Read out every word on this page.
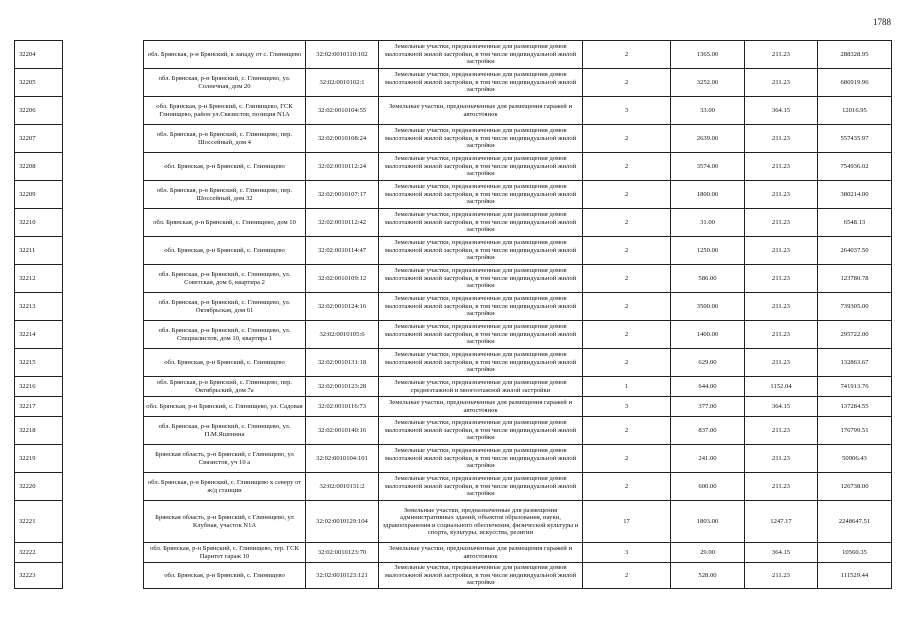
1788
32204		обл. Брянская, р-н Брянский, к западу от с. Глинищево	32:02:0010110:102	Земельные участки, предназначенные для размещения домов малоэтажной жилой застройки, в том числе индивидуальной жилой застройки	2	1365.00	211.23	288328.95
32205		обл. Брянская, р-н Брянский, с. Глинищево, ул. Солнечная, дом 20	32:02:0010102:1	Земельные участки, предназначенные для размещения домов малоэтажной жилой застройки, в том числе индивидуальной жилой застройки	2	3252.00	211.23	686919.96
32206		обл. Брянская, р-н Брянский, с. Глинищево, ГСК Глинищево, район ул.Связистов, позиция N1А	32:02:0010104:55	Земельные участки, предназначенные для размещения гаражей и автостоянок	3	33.00	364.15	12016.95
32207		обл. Брянская, р-н Брянский, с. Глинищево, пер. Шоссейный, дом 4	32:02:0010108:24	Земельные участки, предназначенные для размещения домов малоэтажной жилой застройки, в том числе индивидуальной жилой застройки	2	2639.00	211.23	557435.97
32208		обл. Брянская, р-н Брянский, с. Глинищево	32:02:0010112:24	Земельные участки, предназначенные для размещения домов малоэтажной жилой застройки, в том числе индивидуальной жилой застройки	2	3574.00	211.23	754936.02
32209		обл. Брянская, р-н Брянский, с. Глинищево, пер. Шоссейный, дом 32	32:02:0010107:17	Земельные участки, предназначенные для размещения домов малоэтажной жилой застройки, в том числе индивидуальной жилой застройки	2	1800.00	211.23	380214.00
32210		обл. Брянская, р-н Брянский, с. Глинищево, дом 10	32:02:0010112:42	Земельные участки, предназначенные для размещения домов малоэтажной жилой застройки, в том числе индивидуальной жилой застройки	2	31.00	211.23	6548.13
32211		обл. Брянская, р-н Брянский, с. Глинищево	32:02:0010114:47	Земельные участки, предназначенные для размещения домов малоэтажной жилой застройки, в том числе индивидуальной жилой застройки	2	1250.00	211.23	264037.50
32212		обл. Брянская, р-н Брянский, с. Глинищево, ул. Советская, дом 6, квартира 2	32:02:0010109:12	Земельные участки, предназначенные для размещения домов малоэтажной жилой застройки, в том числе индивидуальной жилой застройки	2	586.00	211.23	123780.78
32213		обл. Брянская, р-н Брянский, с. Глинищево, ул. Октябрьская, дом 61	32:02:0010124:16	Земельные участки, предназначенные для размещения домов малоэтажной жилой застройки, в том числе индивидуальной жилой застройки	2	3500.00	211.23	739305.00
32214		обл. Брянская, р-н Брянский, с. Глинищево, ул. Специалистов, дом 10, квартира 1	32:02:0010105:6	Земельные участки, предназначенные для размещения домов малоэтажной жилой застройки, в том числе индивидуальной жилой застройки	2	1400.00	211.23	295722.00
32215		обл. Брянская, р-н Брянский, с. Глинищево	32:02:0010131:18	Земельные участки, предназначенные для размещения домов малоэтажной жилой застройки, в том числе индивидуальной жилой застройки	2	629.00	211.23	132863.67
32216		обл. Брянская, р-н Брянский, с. Глинищево, пер. Октябрьский, дом 7а	32:02:0010123:28	Земельные участки, предназначенные для размещения домов среднеэтажной и многоэтажной жилой застройки	1	644.00	1152.04	741913.76
32217		обл. Брянская, р-н Брянский, с. Глинищево, ул. Садовая	32:02:0010116:73	Земельные участки, предназначенные для размещения гаражей и автостоянок	3	377.00	364.15	137284.55
32218		обл. Брянская, р-н Брянский, с. Глинищево, ул. П.М.Яшенина	32:02:0010140:16	Земельные участки, предназначенные для размещения домов малоэтажной жилой застройки, в том числе индивидуальной жилой застройки	2	837.00	211.23	176799.51
32219		Брянская область, р-н Брянский, с Глинищево, ул Связистов, уч 10 а	32:02:0010104:101	Земельные участки, предназначенные для размещения домов малоэтажной жилой застройки, в том числе индивидуальной жилой застройки	2	241.00	211.23	50906.43
32220		обл. Брянская, р-н Брянский, с. Глинищево к северу от ж/д станции	32:02:0010131:2	Земельные участки, предназначенные для размещения домов малоэтажной жилой застройки, в том числе индивидуальной жилой застройки	2	600.00	211.23	126738.00
32221		Брянская область, р-н Брянский, с Глинищево, ул Клубная, участок N1А	32:02:0010129:104	Земельные участки, предназначенные для размещения административных зданий, объектов образования, науки, здравоохранения и социального обеспечения, физической культуры и спорта, культуры, искусства, религии	17	1803.00	1247.17	2248647.51
32222		обл. Брянская, р-н Брянский, с. Глинищево, тер. ГСК Паритет гараж 10	32:02:0010123:70	Земельные участки, предназначенные для размещения гаражей и автостоянок	3	29.00	364.15	10560.35
32223		обл. Брянская, р-н Брянский, с. Глинищево	32:02:0010123:121	Земельные участки, предназначенные для размещения домов малоэтажной жилой застройки, в том числе индивидуальной жилой застройки	2	528.00	211.23	111529.44
